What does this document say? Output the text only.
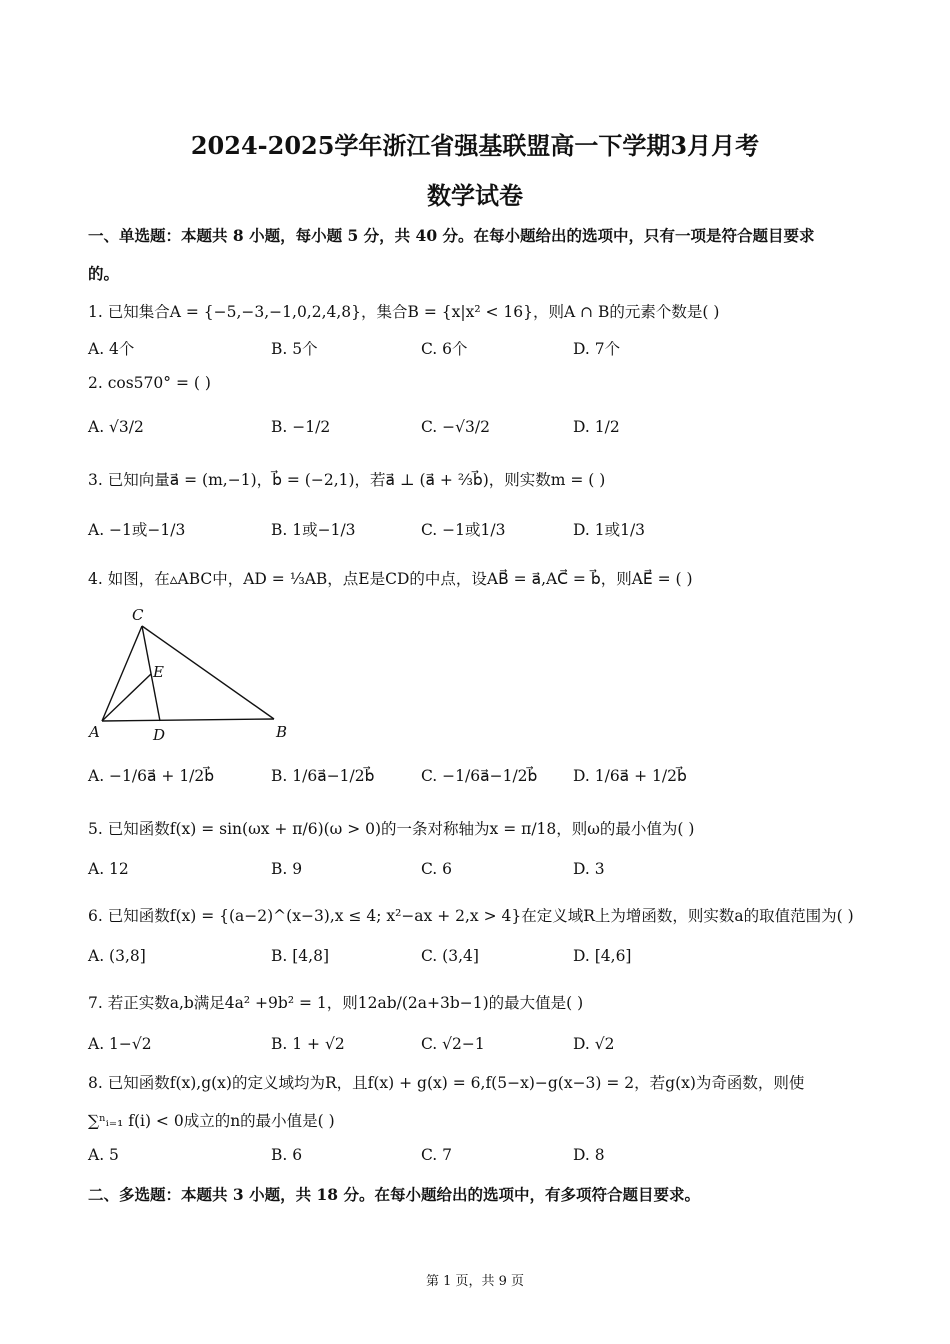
2024-2025学年浙江省强基联盟高一下学期3月月考
数学试卷
一、单选题：本题共 8 小题，每小题 5 分，共 40 分。在每小题给出的选项中，只有一项是符合题目要求
的。
1. 已知集合A = {−5,−3,−1,0,2,4,8}，集合B = {x|x² < 16}，则A ∩ B的元素个数是( )
A. 4个	B. 5个	C. 6个	D. 7个
2. cos570° = ( )
A. √3/2	B. −1/2	C. −√3/2	D. 1/2
3. 已知向量a⃗ = (m,−1)，b⃗ = (−2,1)，若a⃗ ⊥ (a⃗ + ⅔b⃗)，则实数m = ( )
A. −1或−1/3	B. 1或−1/3	C. −1或1/3	D. 1或1/3
4. 如图，在▵ABC中，AD = ⅓AB，点E是CD的中点，设AB⃗ = a⃗,AC⃗ = b⃗，则AE⃗ = ( )
C
E
A	D	B
A. −1/6a⃗ + 1/2b⃗	B. 1/6a⃗−1/2b⃗	C. −1/6a⃗−1/2b⃗ D. 1/6a⃗ + 1/2b⃗
5. 已知函数f(x) = sin(ωx + π/6)(ω > 0)的一条对称轴为x = π/18，则ω的最小值为( )
A. 12	B. 9	C. 6	D. 3
6. 已知函数f(x) = {(a−2)^(x−3),x ≤ 4; x²−ax + 2,x > 4}在定义域R上为增函数，则实数a的取值范围为( )
A. (3,8]	B. [4,8]	C. (3,4]	D. [4,6]
7. 若正实数a,b满足4a² +9b² = 1，则12ab/(2a+3b−1)的最大值是( )
A. 1−√2	B. 1 + √2	C. √2−1	D. √2
8. 已知函数f(x),g(x)的定义域均为R，且f(x) + g(x) = 6,f(5−x)−g(x−3) = 2，若g(x)为奇函数，则使
∑ⁿᵢ₌₁ f(i) < 0成立的n的最小值是( )
A. 5	B. 6	C. 7	D. 8
二、多选题：本题共 3 小题，共 18 分。在每小题给出的选项中，有多项符合题目要求。
第 1 页，共 9 页
